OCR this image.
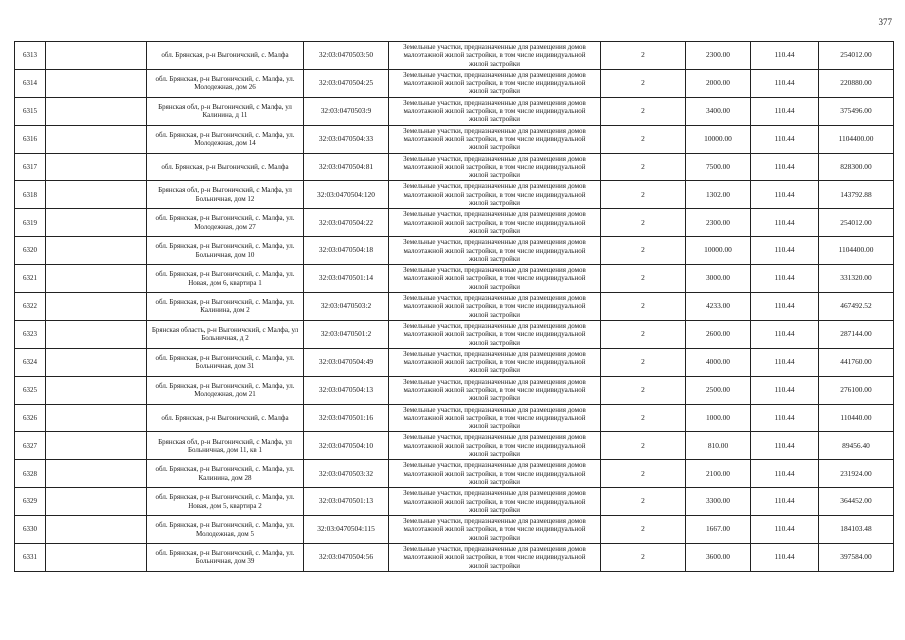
377
6313		обл. Брянская, р-н Выгоничский, с. Малфа	32:03:0470503:50	Земельные участки, предназначенные для размещения домов малоэтажной жилой застройки, в том числе индивидуальной жилой застройки	2	2300.00	110.44	254012.00
6314		обл. Брянская, р-н Выгоничский, с. Малфа, ул. Молодежная, дом 26	32:03:0470504:25	Земельные участки, предназначенные для размещения домов малоэтажной жилой застройки, в том числе индивидуальной жилой застройки	2	2000.00	110.44	220880.00
6315		Брянская обл, р-н Выгоничский, с Малфа, ул Калинина, д 11	32:03:0470503:9	Земельные участки, предназначенные для размещения домов малоэтажной жилой застройки, в том числе индивидуальной жилой застройки	2	3400.00	110.44	375496.00
6316		обл. Брянская, р-н Выгоничский, с. Малфа, ул. Молодежная, дом 14	32:03:0470504:33	Земельные участки, предназначенные для размещения домов малоэтажной жилой застройки, в том числе индивидуальной жилой застройки	2	10000.00	110.44	1104400.00
6317		обл. Брянская, р-н Выгоничский, с. Малфа	32:03:0470504:81	Земельные участки, предназначенные для размещения домов малоэтажной жилой застройки, в том числе индивидуальной жилой застройки	2	7500.00	110.44	828300.00
6318		Брянская обл, р-н Выгоничский, с Малфа, ул Больничная, дом 12	32:03:0470504:120	Земельные участки, предназначенные для размещения домов малоэтажной жилой застройки, в том числе индивидуальной жилой застройки	2	1302.00	110.44	143792.88
6319		обл. Брянская, р-н Выгоничский, с. Малфа, ул. Молодежная, дом 27	32:03:0470504:22	Земельные участки, предназначенные для размещения домов малоэтажной жилой застройки, в том числе индивидуальной жилой застройки	2	2300.00	110.44	254012.00
6320		обл. Брянская, р-н Выгоничский, с. Малфа, ул. Больничная, дом 10	32:03:0470504:18	Земельные участки, предназначенные для размещения домов малоэтажной жилой застройки, в том числе индивидуальной жилой застройки	2	10000.00	110.44	1104400.00
6321		обл. Брянская, р-н Выгоничский, с. Малфа, ул. Новая, дом 6, квартира 1	32:03:0470501:14	Земельные участки, предназначенные для размещения домов малоэтажной жилой застройки, в том числе индивидуальной жилой застройки	2	3000.00	110.44	331320.00
6322		обл. Брянская, р-н Выгоничский, с. Малфа, ул. Калинина, дом 2	32:03:0470503:2	Земельные участки, предназначенные для размещения домов малоэтажной жилой застройки, в том числе индивидуальной жилой застройки	2	4233.00	110.44	467492.52
6323		Брянская область, р-н Выгоничский, с Малфа, ул Больничная, д 2	32:03:0470501:2	Земельные участки, предназначенные для размещения домов малоэтажной жилой застройки, в том числе индивидуальной жилой застройки	2	2600.00	110.44	287144.00
6324		обл. Брянская, р-н Выгоничский, с. Малфа, ул. Больничная, дом 31	32:03:0470504:49	Земельные участки, предназначенные для размещения домов малоэтажной жилой застройки, в том числе индивидуальной жилой застройки	2	4000.00	110.44	441760.00
6325		обл. Брянская, р-н Выгоничский, с. Малфа, ул. Молодежная, дом 21	32:03:0470504:13	Земельные участки, предназначенные для размещения домов малоэтажной жилой застройки, в том числе индивидуальной жилой застройки	2	2500.00	110.44	276100.00
6326		обл. Брянская, р-н Выгоничский, с. Малфа	32:03:0470501:16	Земельные участки, предназначенные для размещения домов малоэтажной жилой застройки, в том числе индивидуальной жилой застройки	2	1000.00	110.44	110440.00
6327		Брянская обл, р-н Выгоничский, с Малфа, ул Больничная, дом 11, кв 1	32:03:0470504:10	Земельные участки, предназначенные для размещения домов малоэтажной жилой застройки, в том числе индивидуальной жилой застройки	2	810.00	110.44	89456.40
6328		обл. Брянская, р-н Выгоничский, с. Малфа, ул. Калинина, дом 28	32:03:0470503:32	Земельные участки, предназначенные для размещения домов малоэтажной жилой застройки, в том числе индивидуальной жилой застройки	2	2100.00	110.44	231924.00
6329		обл. Брянская, р-н Выгоничский, с. Малфа, ул. Новая, дом 5, квартира 2	32:03:0470501:13	Земельные участки, предназначенные для размещения домов малоэтажной жилой застройки, в том числе индивидуальной жилой застройки	2	3300.00	110.44	364452.00
6330		обл. Брянская, р-н Выгоничский, с. Малфа, ул. Молодежная, дом 5	32:03:0470504:115	Земельные участки, предназначенные для размещения домов малоэтажной жилой застройки, в том числе индивидуальной жилой застройки	2	1667.00	110.44	184103.48
6331		обл. Брянская, р-н Выгоничский, с. Малфа, ул. Больничная, дом 39	32:03:0470504:56	Земельные участки, предназначенные для размещения домов малоэтажной жилой застройки, в том числе индивидуальной жилой застройки	2	3600.00	110.44	397584.00
